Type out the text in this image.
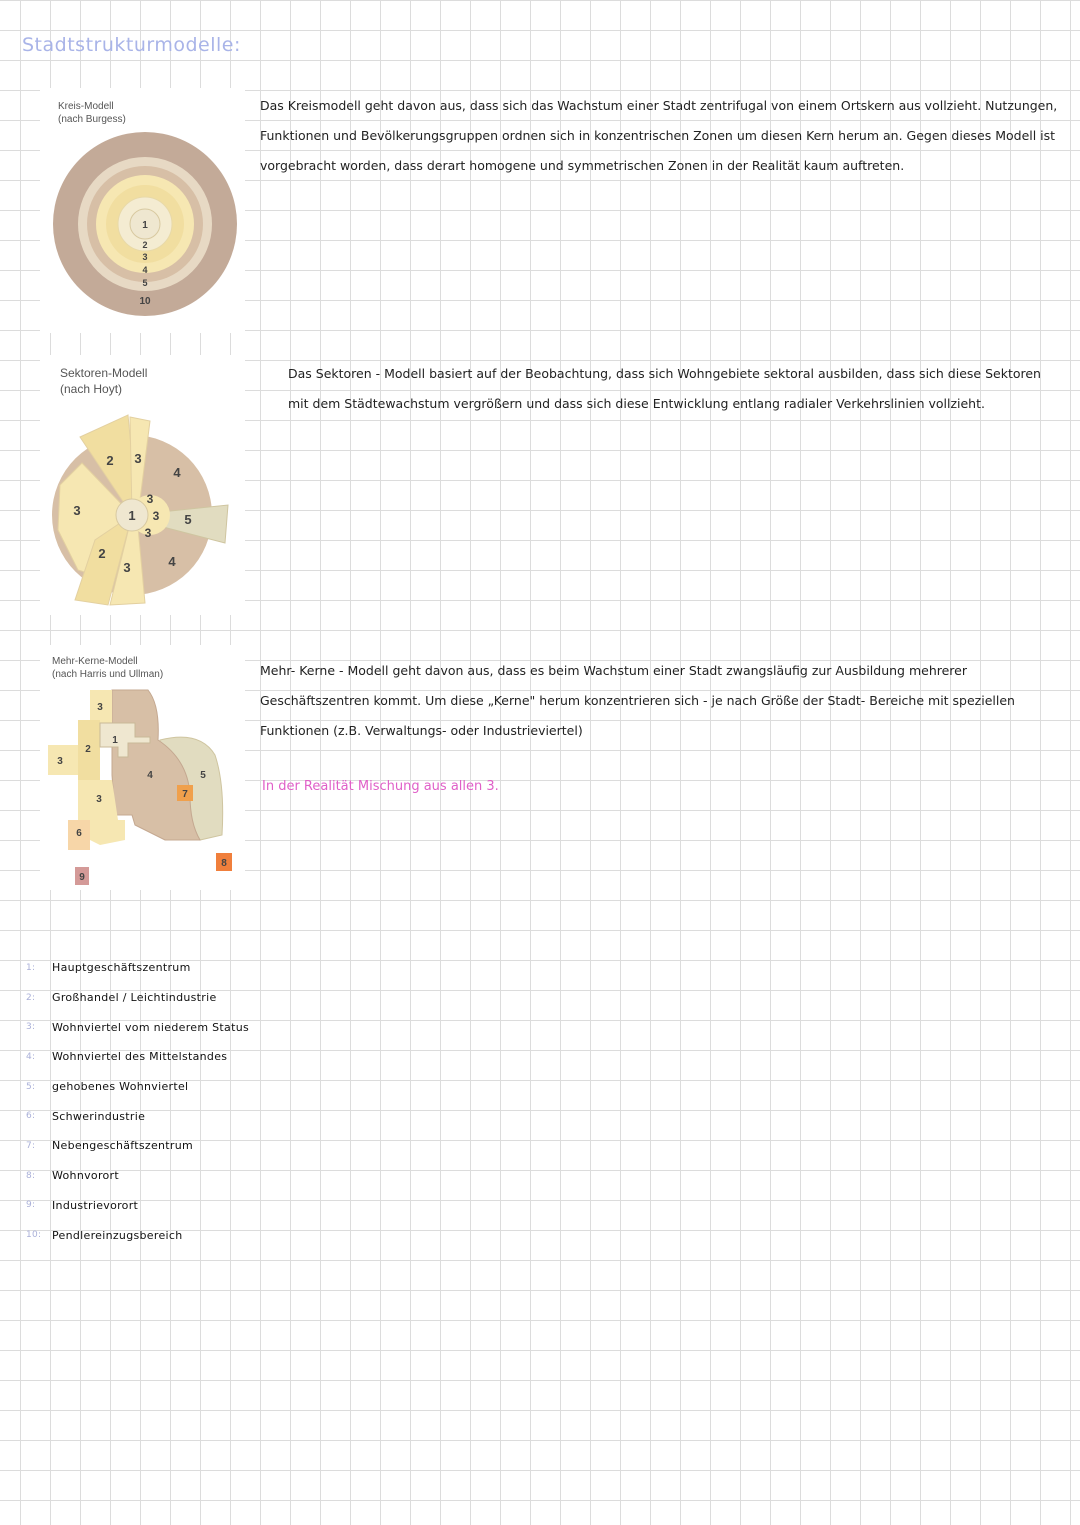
Stadtstrukturmodelle:
Kreis-Modell
(nach Burgess)
1
2
3
4
5
10
Das Kreismodell geht davon aus, dass sich das Wachstum einer Stadt zentrifugal von einem Ortskern aus vollzieht. Nutzungen, Funktionen und Bevölkerungsgruppen ordnen sich in konzentrischen Zonen um diesen Kern herum an. Gegen dieses Modell ist vorgebracht worden, dass derart homogene und symmetrischen Zonen in der Realität kaum auftreten.
Sektoren-Modell
(nach Hoyt)
1
2 3
4
3
3
3
5
2
3	4
3
Das Sektoren - Modell basiert auf der Beobachtung, dass sich Wohngebiete sektoral ausbilden, dass sich diese Sektoren mit dem Städtewachstum vergrößern und dass sich diese Entwicklung entlang radialer Verkehrslinien vollzieht.
Mehr-Kerne-Modell
(nach Harris und Ullman)
3
1
2
3
4	5
3	7
6
8
9
Mehr- Kerne - Modell geht davon aus, dass es beim Wachstum einer Stadt zwangsläufig zur Ausbildung mehrerer Geschäftszentren kommt. Um diese „Kerne" herum konzentrieren sich - je nach Größe der Stadt- Bereiche mit speziellen Funktionen (z.B. Verwaltungs- oder Industrieviertel)
In der Realität Mischung aus allen 3.
1:	Hauptgeschäftszentrum
2:	Großhandel / Leichtindustrie
3:	Wohnviertel vom niederem Status
4:	Wohnviertel des Mittelstandes
5:	gehobenes Wohnviertel
6:	Schwerindustrie
7:	Nebengeschäftszentrum
8:	Wohnvorort
9:	Industrievorort
10: Pendlereinzugsbereich
